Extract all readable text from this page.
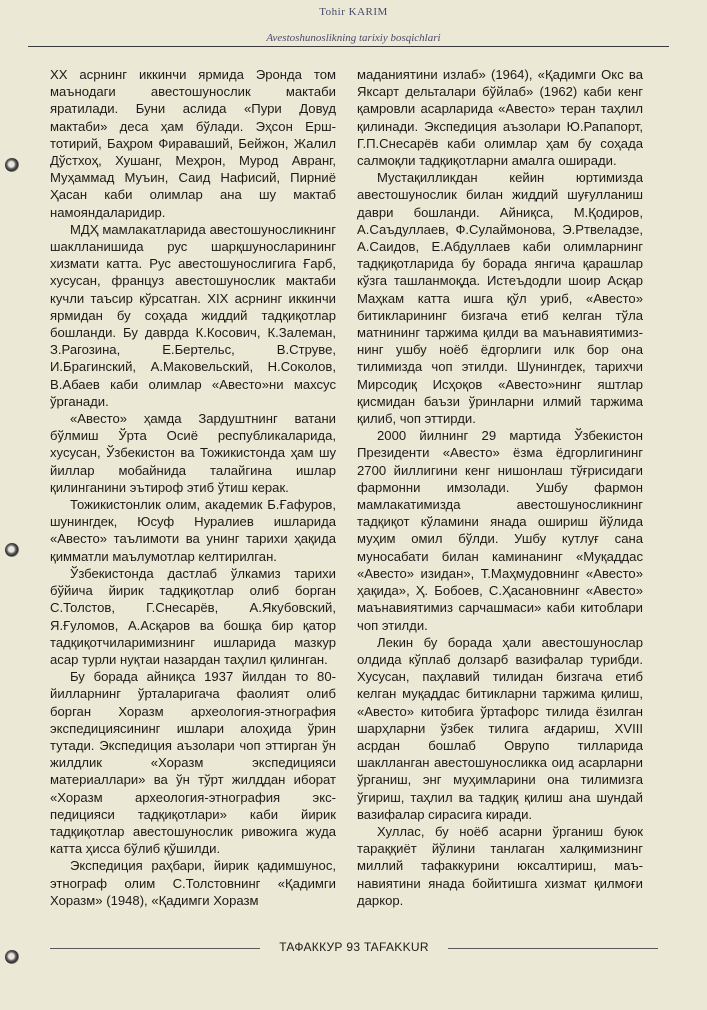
Tohir KARIM
Avestoshunoslikning tarixiy bosqichlari

XX асрнинг иккинчи ярмида Эронда том маънодаги авестошунослик мактаби яратилади. Буни аслида «Пури Довуд мактаби» деса ҳам бўлади. Эҳсон Ерштотирий, Баҳром Фираваший, Бейжон, Жалил Дўстхоҳ, Хушанг, Меҳрон, Мурод Авранг, Муҳаммад Муъин, Саид Нафисий, Пирниё Ҳасан каби олимлар ана шу мактаб намояндаларидир.

МДҲ мамлакатларида авестошуносликнинг шаклланишида рус шарқшуносларининг хизмати катта. Рус авестошунослигига Ғарб, хусусан, француз авестошунослик мактаби кучли таъсир кўрсатган. XIX асрнинг иккинчи ярмидан бу соҳада жиддий тадқиқотлар бошланди. Бу даврда К.Косович, К.Залеман, З.Рагозина, Е.Бертельс, В.Струве, И.Брагинский, А.Маковельский, Н.Соколов, В.Абаев каби олимлар «Авесто»ни махсус ўрганади.

«Авесто» ҳамда Зардуштнинг ватани бўлмиш Ўрта Осиё республикаларида, хусусан, Ўзбекистон ва Тожикистонда ҳам шу йиллар мобайнида талайгина ишлар қилинганини эътироф этиб ўтиш керак.

Тожикистонлик олим, академик Б.Ғафуров, шунингдек, Юсуф Нуралиев ишларида «Авесто» таълимоти ва унинг тарихи ҳақида қимматли маълумотлар келтирилган.

Ўзбекистонда дастлаб ўлкамиз тарихи бўйича йирик тадқиқотлар олиб борган С.Толстов, Г.Снесарёв, А.Якубовский, Я.Ғуломов, А.Асқаров ва бошқа бир қатор тадқиқотчиларимизнинг ишларида мазкур асар турли нуқтаи назардан таҳлил қилинган.

Бу борада айниқса 1937 йилдан то 80-йилларнинг ўрталаригача фаолият олиб борган Хоразм археология-этнография экспедициясининг ишлари алоҳида ўрин тутади. Экспедиция аъзолари чоп эттирган ўн жилдлик «Хоразм экспедицияси материаллари» ва ўн тўрт жилддан иборат «Хоразм археология-этнография экс-педицияси тадқиқотлари» каби йирик тадқиқотлар авестошунослик ривожига жуда катта ҳисса бўлиб қўшилди.

Экспедиция раҳбари, йирик қадимшунос, этнограф олим С.Толстовнинг «Қадимги Хоразм» (1948), «Қадимги Хоразм

маданиятини излаб» (1964), «Қадимги Окс ва Яксарт дельталари бўйлаб» (1962) каби кенг қамровли асарларида «Авесто» теран таҳлил қилинади. Экспедиция аъзолари Ю.Рапапорт, Г.П.Снесарёв каби олимлар ҳам бу соҳада салмоқли тадқиқотларни амалга оширади.

Мустақилликдан кейин юртимизда авестошунослик билан жиддий шуғулланиш даври бошланди. Айниқса, М.Қодиров, А.Саъдуллаев, Ф.Сулаймонова, Э.Ртвеладзе, А.Саидов, Е.Абдуллаев каби олимларнинг тадқиқотларида бу борада янгича қарашлар кўзга ташланмоқда. Истеъдодли шоир Асқар Маҳкам катта ишга қўл уриб, «Авесто» битикларининг бизгача етиб келган тўла матнининг таржима қилди ва маънавиятимизнинг ушбу ноёб ёдгорлиги илк бор она тилимизда чоп этилди. Шунингдек, тарихчи Мирсодиқ Исҳоқов «Авесто»нинг яштлар қисмидан баъзи ўринларни илмий таржима қилиб, чоп эттирди.

2000 йилнинг 29 мартида Ўзбекистон Президенти «Авесто» ёзма ёдгорлигининг 2700 йиллигини кенг нишонлаш тўғрисидаги фармонни имзолади. Ушбу фармон мамлакатимизда авестошуносликнинг тадқиқот кўламини янада ошириш йўлида муҳим омил бўлди. Ушбу кутлуғ сана муносабати билан каминанинг «Муқаддас «Авесто» изидан», Т.Маҳмудовнинг «Авесто» ҳақида», Ҳ. Бобоев, С.Ҳасановнинг «Авесто» маънавиятимиз сарчашмаси» каби китоблари чоп этилди.

Лекин бу борада ҳали авестошунослар олдида кўплаб долзарб вазифалар турибди. Хусусан, паҳлавий тилидан бизгача етиб келган муқаддас битикларни таржима қилиш, «Авесто» китобига ўртафорс тилида ёзилган шарҳларни ўзбек тилига ағдариш, XVIII асрдан бошлаб Оврупо тилларида шаклланган авестошуносликка оид асарларни ўрганиш, энг муҳимларини она тилимизга ўгириш, таҳлил ва тадқиқ қилиш ана шундай вазифалар сирасига киради.

Хуллас, бу ноёб асарни ўрганиш буюк тараққиёт йўлини танлаган халқимизнинг миллий тафаккурини юксалтириш, маънавиятини янада бойитишга хизмат қилмоғи даркор.

ТАФАККУР 93 TAFAKKUR
